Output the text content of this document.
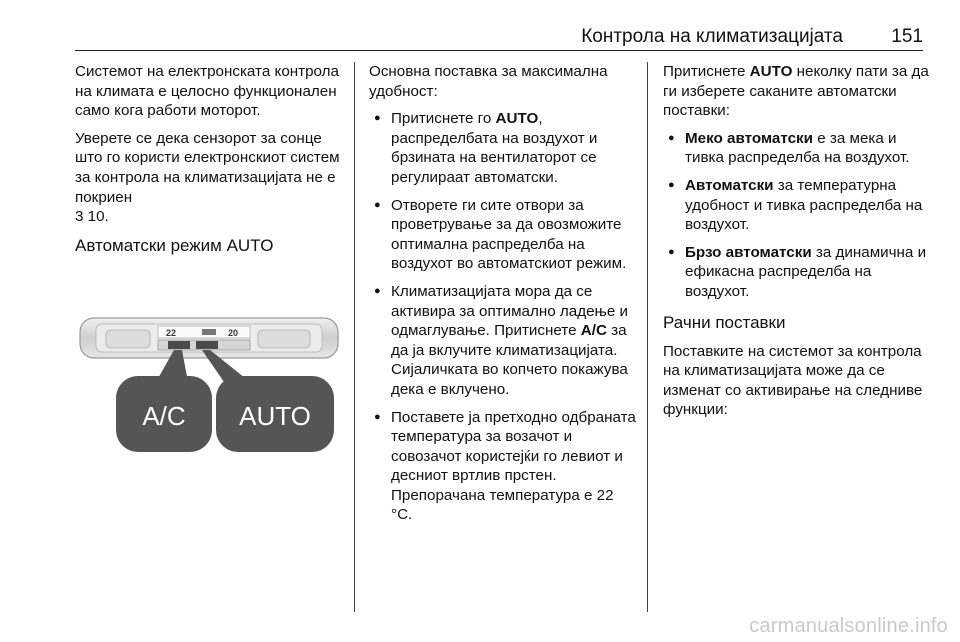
Контрола на климатизацијата	151

Системот на електронската контрола на климата е целосно функционален само кога работи моторот.

Уверете се дека сензорот за сонце што го користи електронскиот систем за контрола на климатизацијата не е покриен
3 10.

Автоматски режим AUTO
22	20
A/C AUTO

Основна поставка за максимална удобност:

● Притиснете го AUTO, распределбата на воздухот и брзината на вентилаторот се регулираат автоматски.
● Отворете ги сите отвори за проветрување за да овозможите оптимална распределба на воздухот во автоматскиот режим.
● Климатизацијата мора да се активира за оптимално ладење и одмаглување. Притиснете A/C за да ја вклучите климатизацијата. Сијаличката во копчето покажува дека е вклучено.
● Поставете ја претходно одбраната температура за возачот и совозачот користејќи го левиот и десниот вртлив прстен. Препорачана температура е 22 °C.

Притиснете AUTO неколку пати за да ги изберете саканите автоматски поставки:

● Меко автоматски е за мека и тивка распределба на воздухот.
● Автоматски за температурна удобност и тивка распределба на воздухот.
● Брзо автоматски за динамична и ефикасна распределба на воздухот.
Рачни поставки

Поставките на системот за контрола на климатизацијата може да се изменат со активирање на следниве функции:

carmanualsonline.info
